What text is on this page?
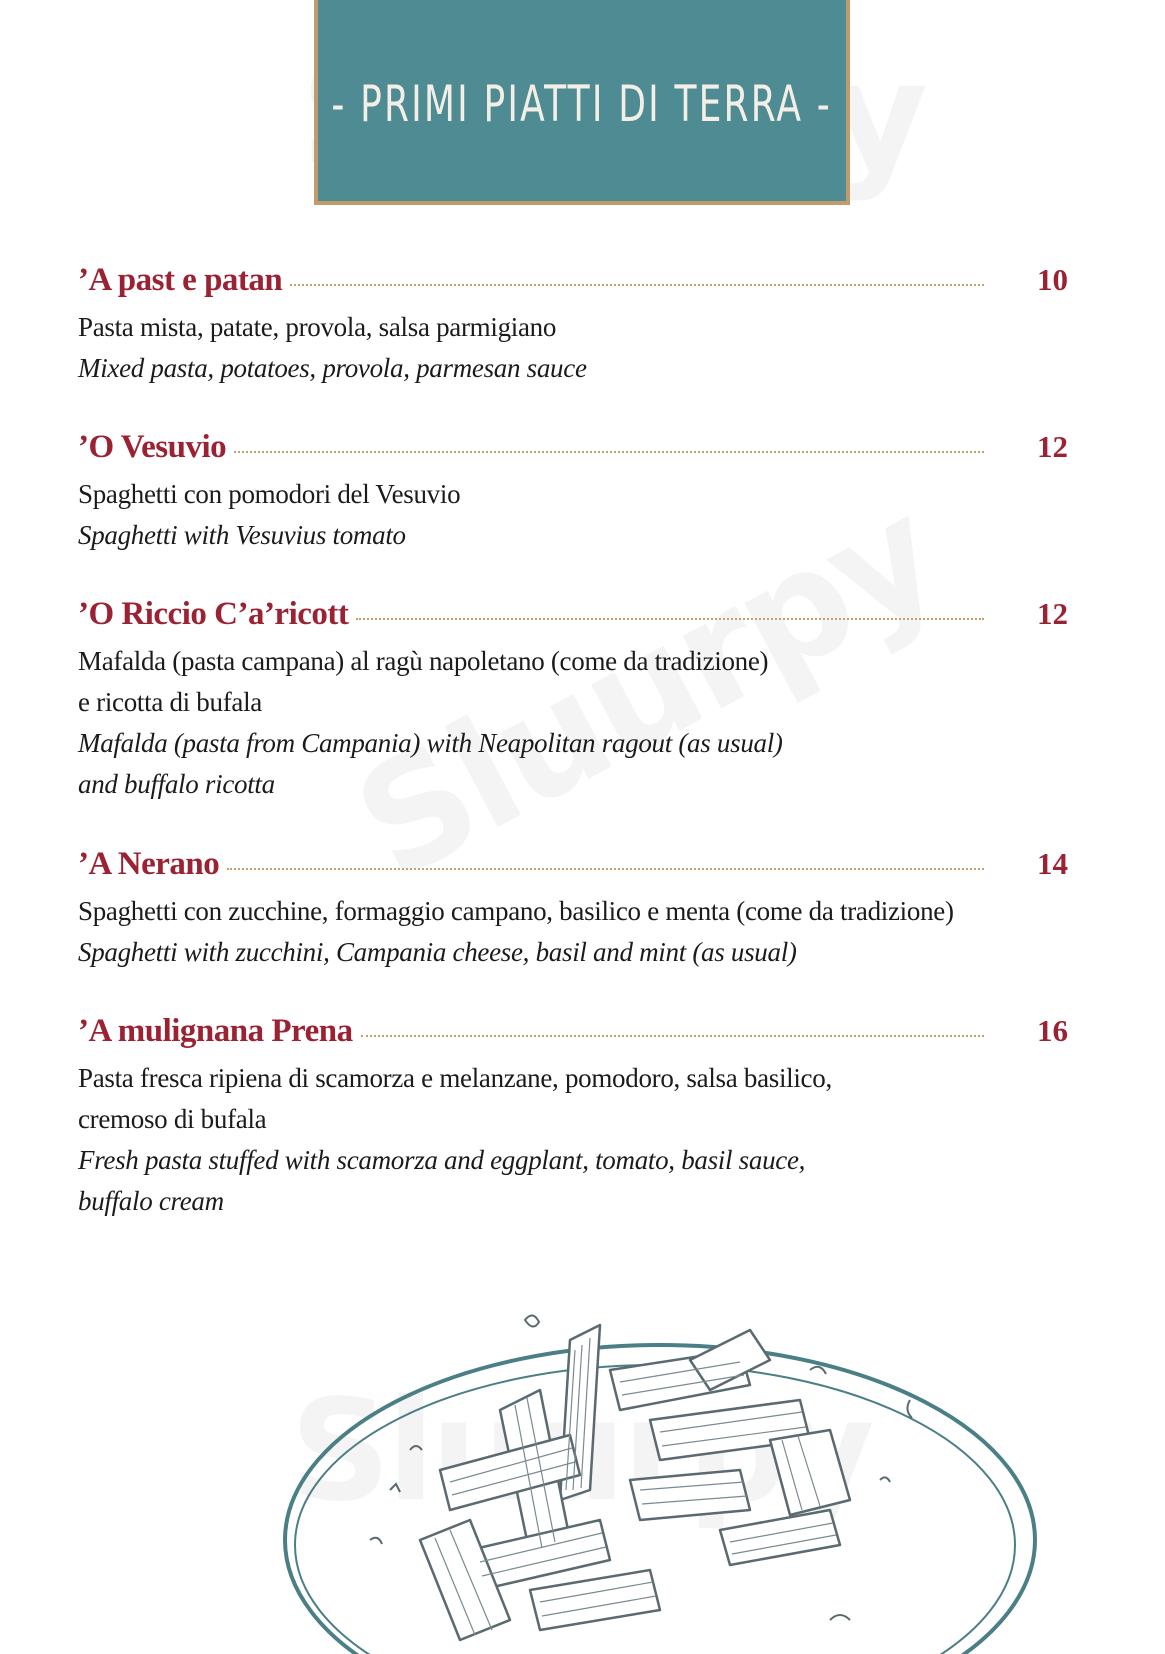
- PRIMI PIATTI DI TERRA -
’A past e patan	10
Pasta mista, patate, provola, salsa parmigiano
Mixed pasta, potatoes, provola, parmesan sauce
’O Vesuvio	12
Spaghetti con pomodori del Vesuvio
Spaghetti with Vesuvius tomato
’O Riccio C’a’ricott	12
Mafalda (pasta campana) al ragù napoletano (come da tradizione)
e ricotta di bufala
Mafalda (pasta from Campania) with Neapolitan ragout (as usual)
and buffalo ricotta
’A Nerano	14
Spaghetti con zucchine, formaggio campano, basilico e menta (come da tradizione)
Spaghetti with zucchini, Campania cheese, basil and mint (as usual)
’A mulignana Prena	16
Pasta fresca ripiena di scamorza e melanzane, pomodoro, salsa basilico,
cremoso di bufala
Fresh pasta stuffed with scamorza and eggplant, tomato, basil sauce,
buffalo cream
